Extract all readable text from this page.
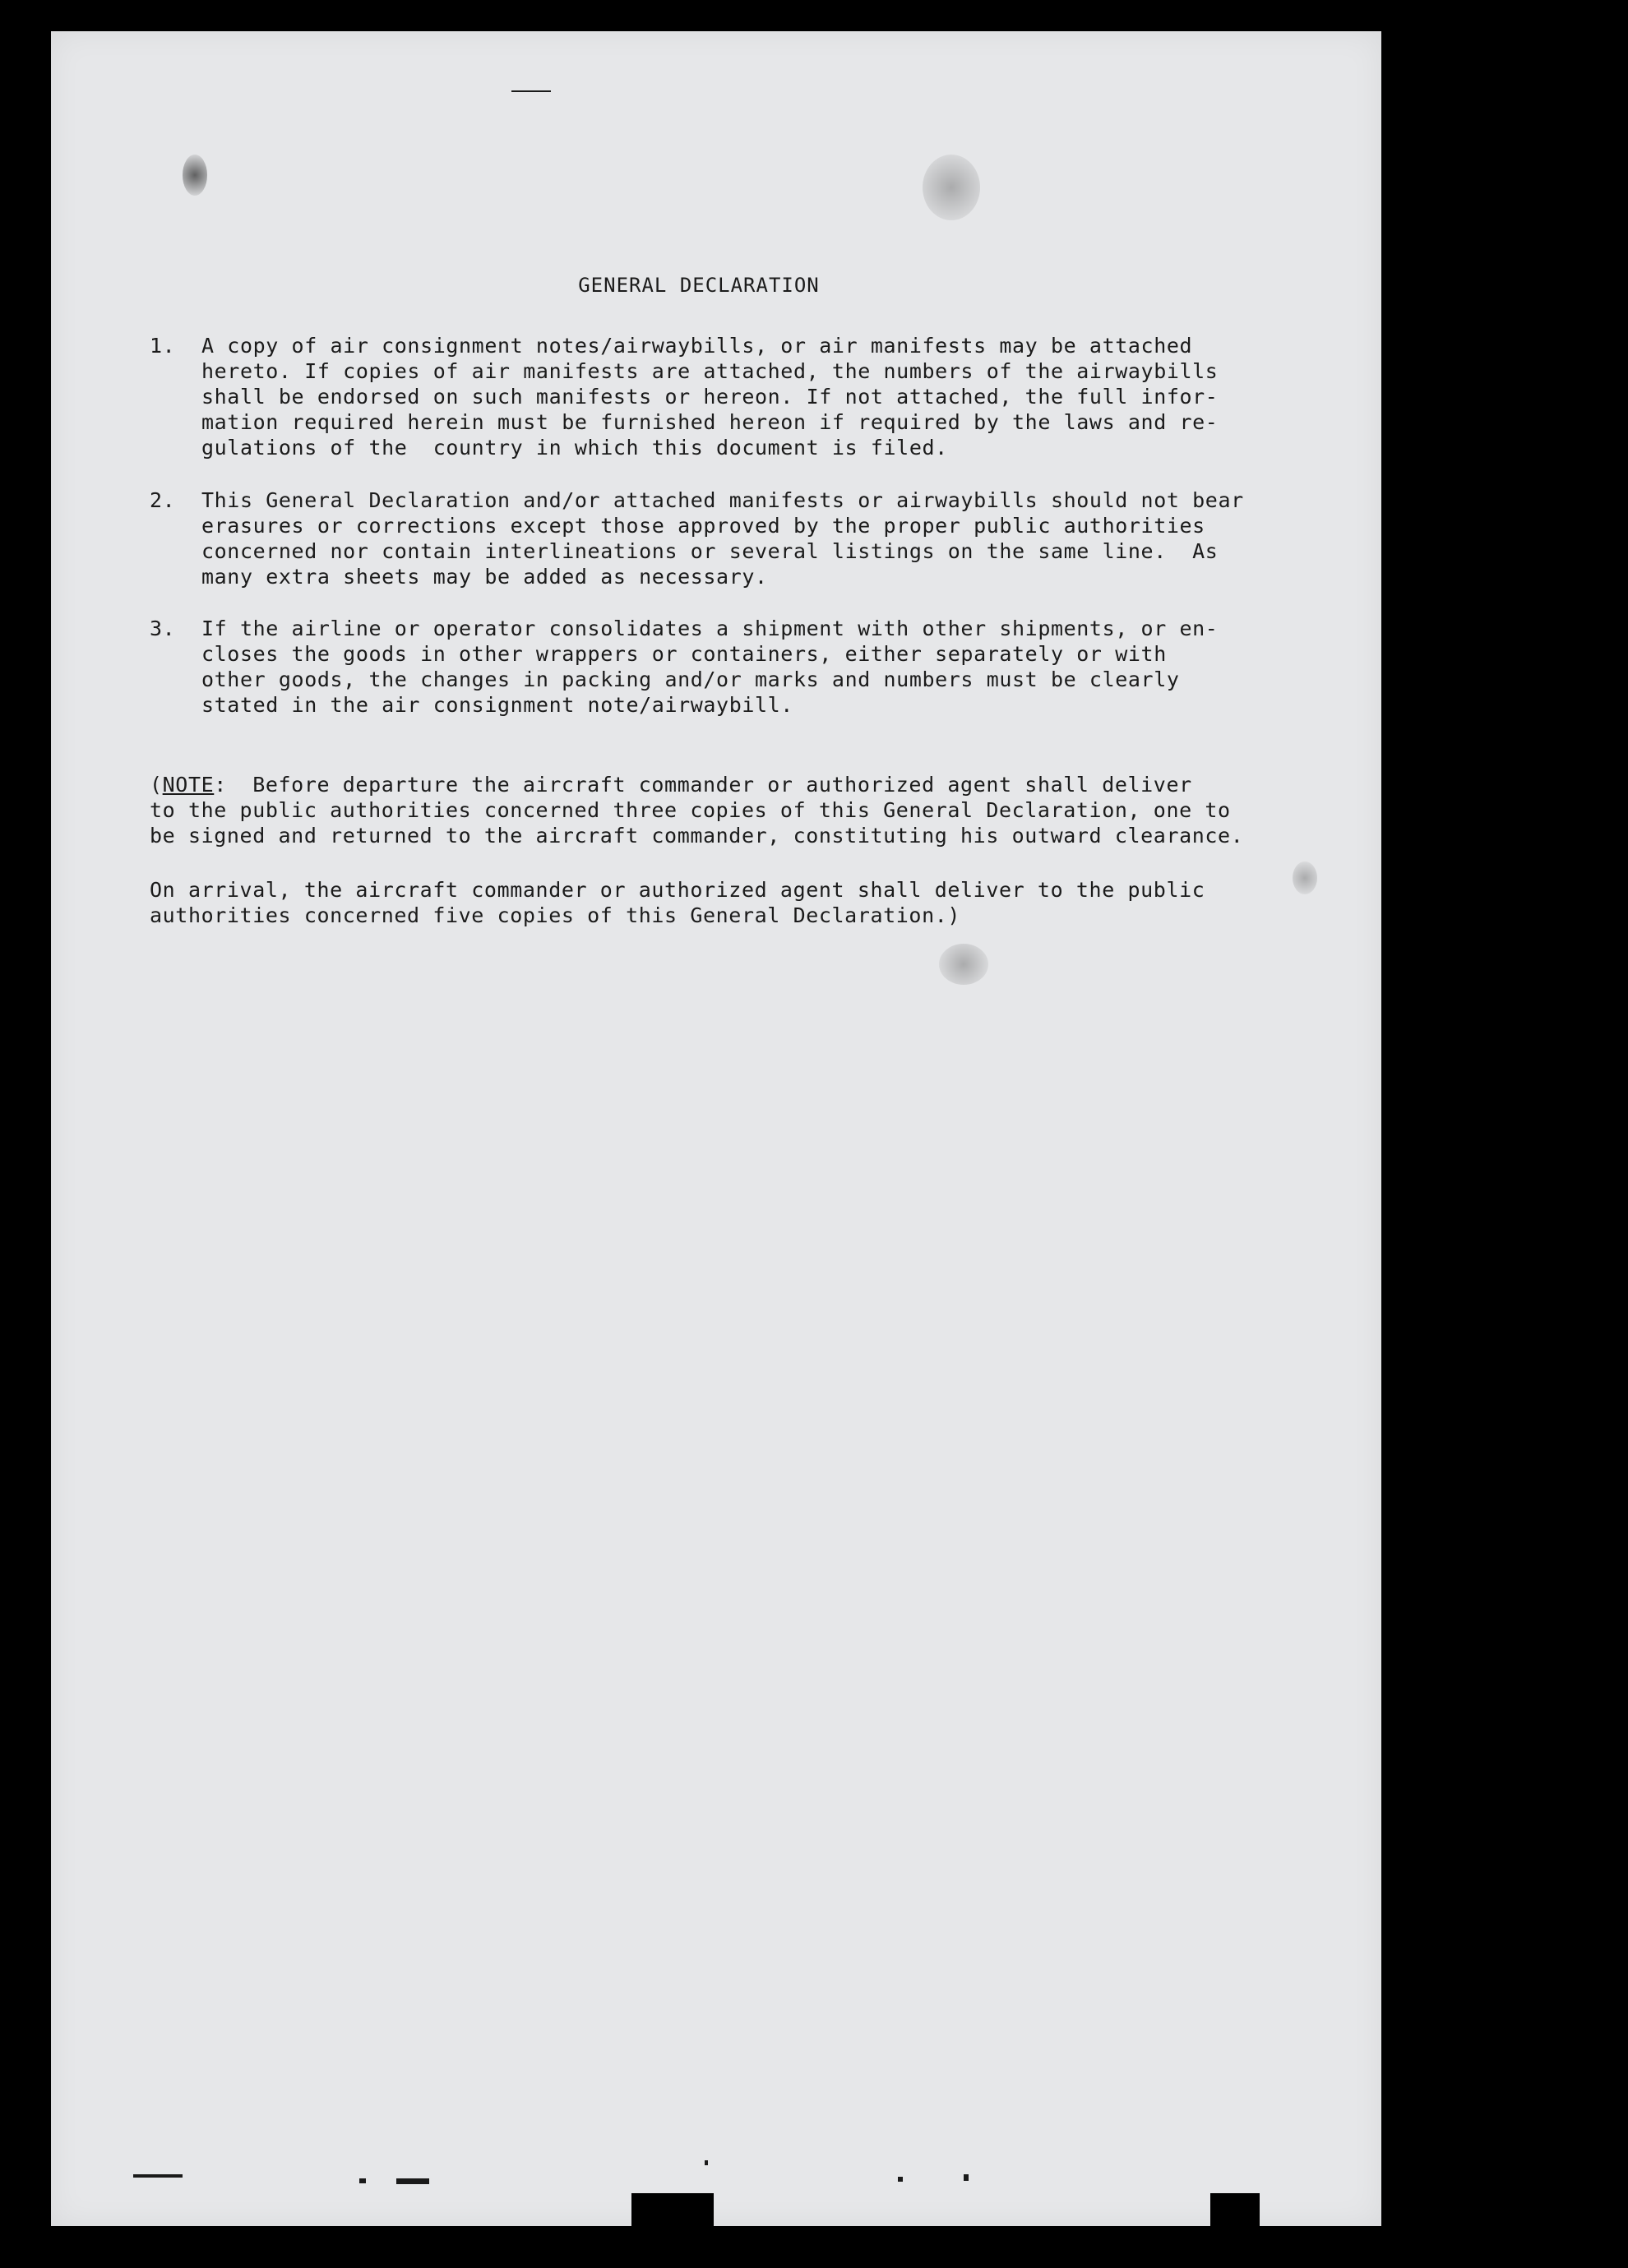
GENERAL DECLARATION
1.	A copy of air consignment notes/airwaybills, or air manifests may be attached
hereto. If copies of air manifests are attached, the numbers of the airwaybills
shall be endorsed on such manifests or hereon. If not attached, the full infor-
mation required herein must be furnished hereon if required by the laws and re-
gulations of the  country in which this document is filed.
2.	This General Declaration and/or attached manifests or airwaybills should not bear
erasures or corrections except those approved by the proper public authorities
concerned nor contain interlineations or several listings on the same line.  As
many extra sheets may be added as necessary.
3.	If the airline or operator consolidates a shipment with other shipments, or en-
closes the goods in other wrappers or containers, either separately or with
other goods, the changes in packing and/or marks and numbers must be clearly
stated in the air consignment note/airwaybill.
(NOTE:  Before departure the aircraft commander or authorized agent shall deliver
to the public authorities concerned three copies of this General Declaration, one to
be signed and returned to the aircraft commander, constituting his outward clearance.
On arrival, the aircraft commander or authorized agent shall deliver to the public
authorities concerned five copies of this General Declaration.)
